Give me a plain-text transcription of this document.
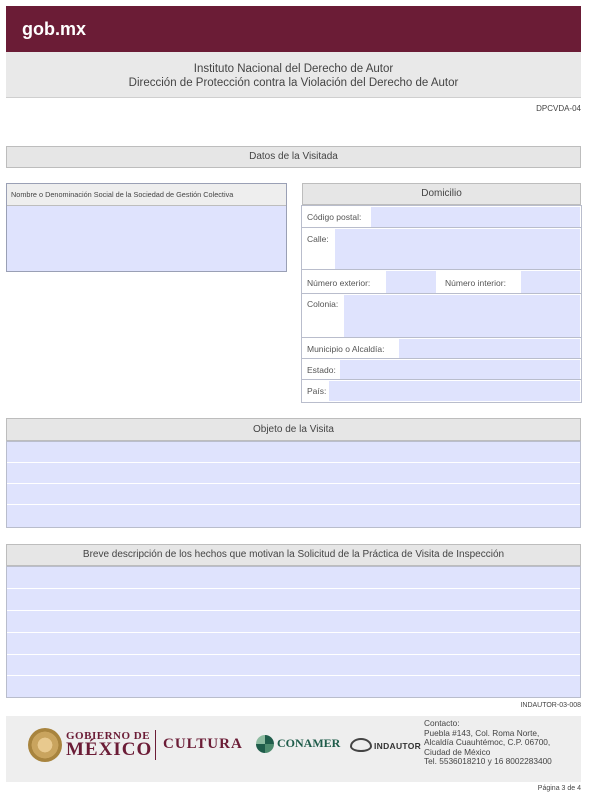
gob.mx
Instituto Nacional del Derecho de Autor
Dirección de Protección contra la Violación del Derecho de Autor
DPCVDA-04
Datos de la Visitada
Nombre o Denominación Social de la Sociedad de Gestión Colectiva	Domicilio
Código postal:
Calle:
Número exterior:	Número interior:
Colonia:
Municipio o Alcaldía:
Estado:
País:
Objeto de la Visita
Breve descripción de los hechos que motivan la Solicitud de la Práctica de Visita de Inspección
INDAUTOR-03-008
GOBIERNO DE
MÉXICO CULTURA	CONAMER	INDAUTOR
Contacto:
Puebla #143, Col. Roma Norte,
Alcaldía Cuauhtémoc, C.P. 06700,
Ciudad de México
Tel. 5536018210 y 16 8002283400
Página 3 de 4
